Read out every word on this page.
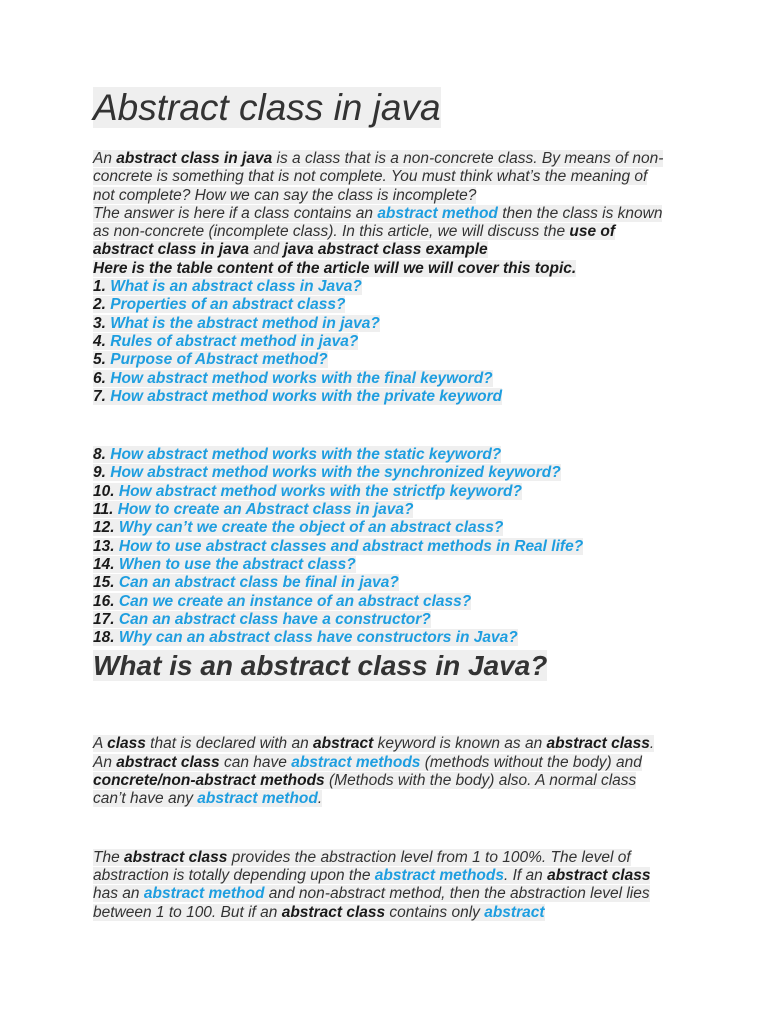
Abstract class in java

An abstract class in java is a class that is a non-concrete class. By means of non-concrete is something that is not complete. You must think what’s the meaning of not complete? How we can say the class is incomplete?

The answer is here if a class contains an abstract method then the class is known as non-concrete (incomplete class). In this article, we will discuss the use of abstract class in java and java abstract class example

Here is the table content of the article will we will cover this topic.

1. What is an abstract class in Java?
2. Properties of an abstract class?
3. What is the abstract method in java?
4. Rules of abstract method in java?
5. Purpose of Abstract method?
6. How abstract method works with the final keyword?
7. How abstract method works with the private keyword
8. How abstract method works with the static keyword?
9. How abstract method works with the synchronized keyword?
10. How abstract method works with the strictfp keyword?
11. How to create an Abstract class in java?
12. Why can’t we create the object of an abstract class?
13. How to use abstract classes and abstract methods in Real life?
14. When to use the abstract class?
15. Can an abstract class be final in java?
16. Can we create an instance of an abstract class?
17. Can an abstract class have a constructor?
18. Why can an abstract class have constructors in Java?
What is an abstract class in Java?

A class that is declared with an abstract keyword is known as an abstract class. An abstract class can have abstract methods (methods without the body) and concrete/non-abstract methods (Methods with the body) also. A normal class can’t have any abstract method.

The abstract class provides the abstraction level from 1 to 100%. The level of abstraction is totally depending upon the abstract methods. If an abstract class has an abstract method and non-abstract method, then the abstraction level lies between 1 to 100. But if an abstract class contains only abstract
